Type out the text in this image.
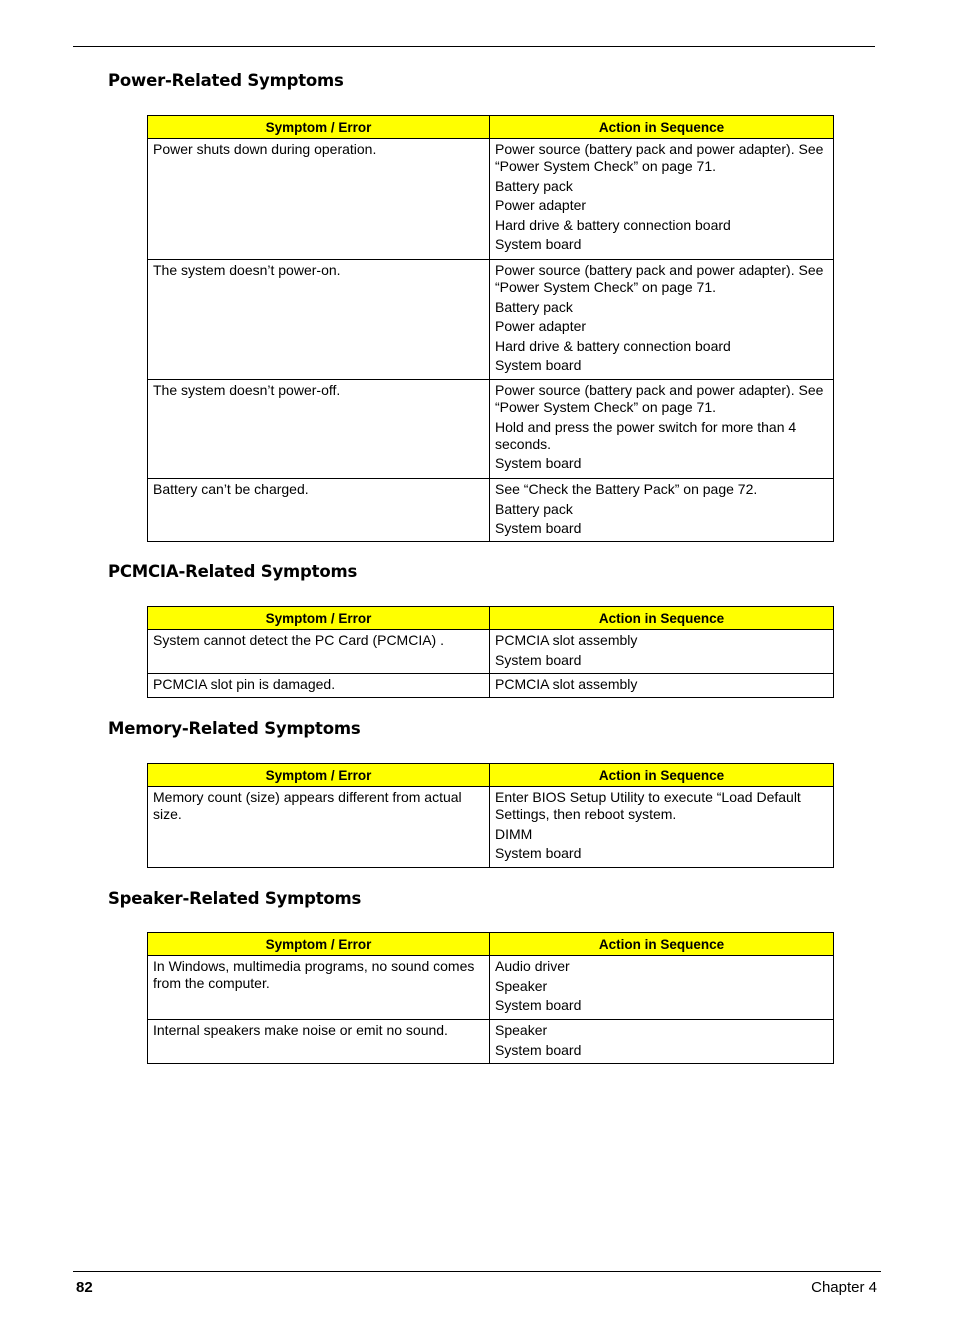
Power-Related Symptoms
Symptom / Error	Action in Sequence

Power shuts down during operation.	Power source (battery pack and power adapter). See “Power System Check” on page 71.
Battery pack
Power adapter
Hard drive & battery connection board
System board

The system doesn’t power-on.	Power source (battery pack and power adapter). See “Power System Check” on page 71.
Battery pack
Power adapter
Hard drive & battery connection board
System board

The system doesn’t power-off.	Power source (battery pack and power adapter). See “Power System Check” on page 71.
Hold and press the power switch for more than 4 seconds.
System board

Battery can’t be charged.	See “Check the Battery Pack” on page 72.
Battery pack
System board
PCMCIA-Related Symptoms
Symptom / Error	Action in Sequence

System cannot detect the PC Card (PCMCIA) .	PCMCIA slot assembly
System board

PCMCIA slot pin is damaged.	PCMCIA slot assembly
Memory-Related Symptoms
Symptom / Error	Action in Sequence

Memory count (size) appears different from actual size.	Enter BIOS Setup Utility to execute “Load Default Settings, then reboot system.
DIMM
System board
Speaker-Related Symptoms
Symptom / Error	Action in Sequence

In Windows, multimedia programs, no sound comes from the computer.	Audio driver
Speaker
System board

Internal speakers make noise or emit no sound.	Speaker
System board
82	Chapter 4
